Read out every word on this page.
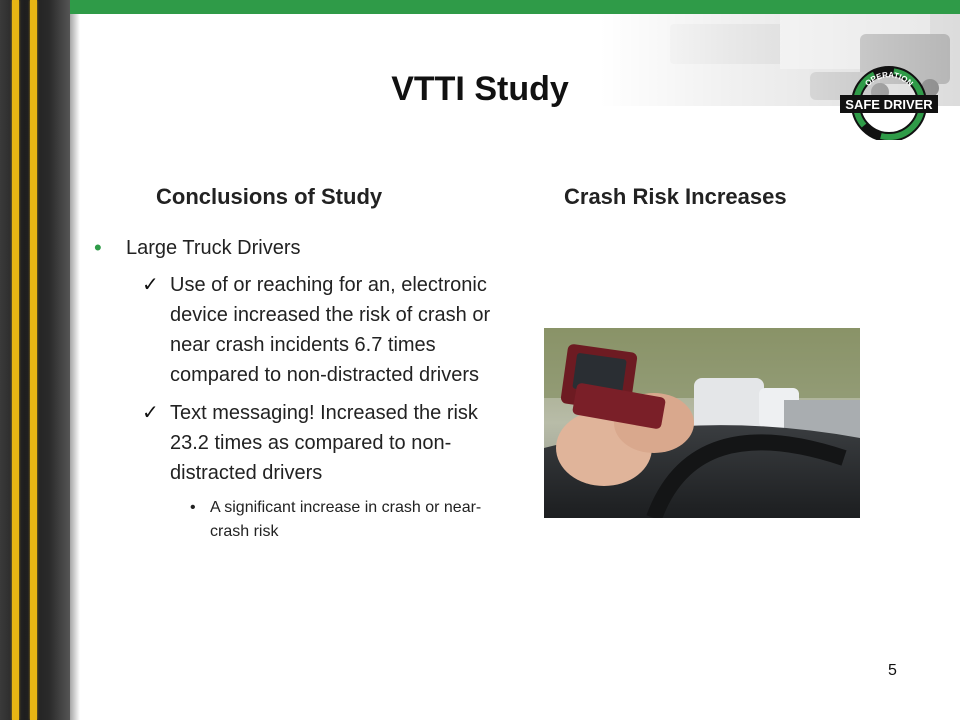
OPERATION
SAFE DRIVER
VTTI Study
Conclusions of Study	Crash Risk Increases
• Large Truck Drivers
✓ Use of or reaching for an, electronic device increased the risk of crash or near crash incidents 6.7 times compared to non-distracted drivers
✓ Text messaging! Increased the risk 23.2 times as compared to non-distracted drivers
• A significant increase in crash or near-crash risk
5
